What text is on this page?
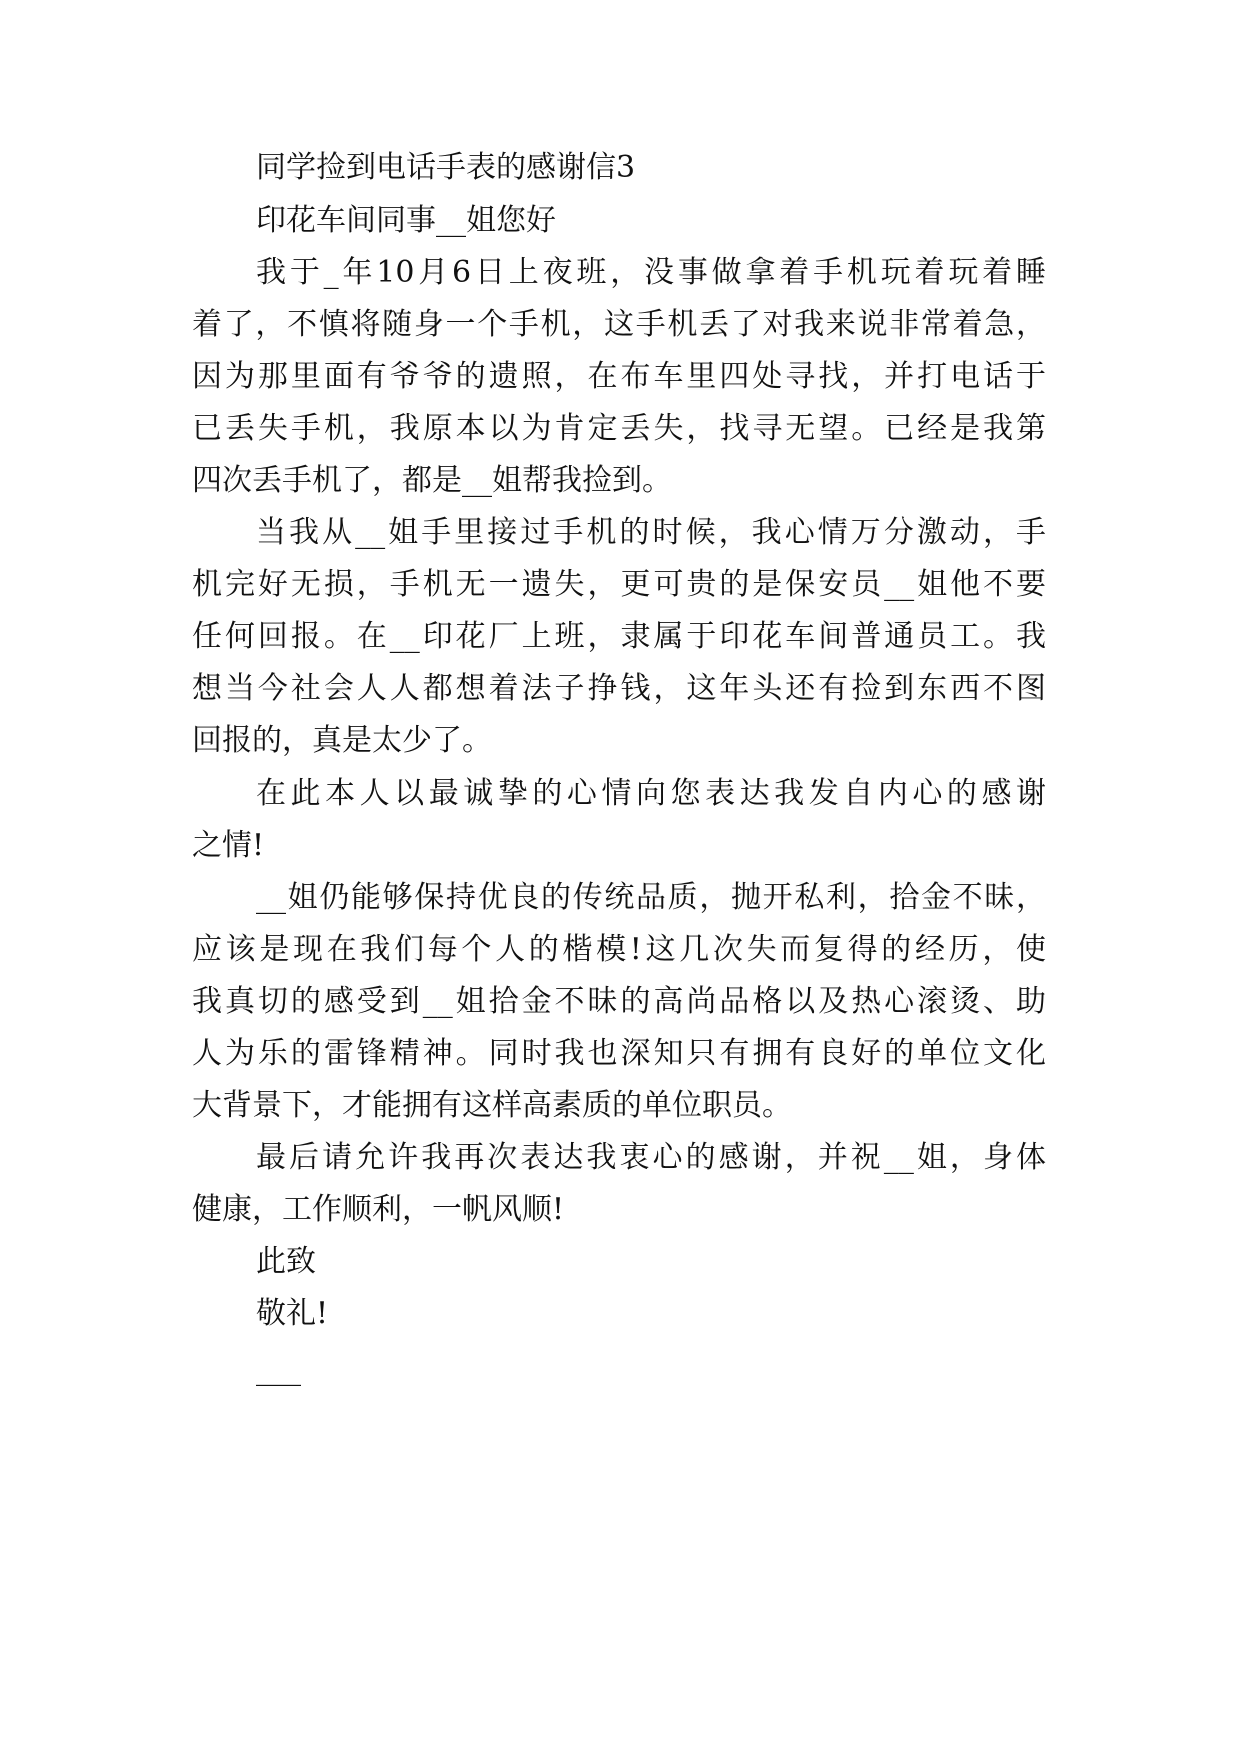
同学捡到电话手表的感谢信3

印花车间同事__姐您好

我于_年10月6日上夜班，没事做拿着手机玩着玩着睡

着了，不慎将随身一个手机，这手机丢了对我来说非常着急，

因为那里面有爷爷的遗照，在布车里四处寻找，并打电话于

已丢失手机，我原本以为肯定丢失，找寻无望。已经是我第

四次丢手机了，都是__姐帮我捡到。

当我从__姐手里接过手机的时候，我心情万分激动，手

机完好无损，手机无一遗失，更可贵的是保安员__姐他不要

任何回报。在__印花厂上班，隶属于印花车间普通员工。我

想当今社会人人都想着法子挣钱，这年头还有捡到东西不图

回报的，真是太少了。

在此本人以最诚挚的心情向您表达我发自内心的感谢

之情!

__姐仍能够保持优良的传统品质，抛开私利，拾金不昧，

应该是现在我们每个人的楷模!这几次失而复得的经历，使

我真切的感受到__姐拾金不昧的高尚品格以及热心滚烫、助

人为乐的雷锋精神。同时我也深知只有拥有良好的单位文化

大背景下，才能拥有这样高素质的单位职员。

最后请允许我再次表达我衷心的感谢，并祝__姐，身体

健康，工作顺利，一帆风顺!

此致

敬礼!

___
